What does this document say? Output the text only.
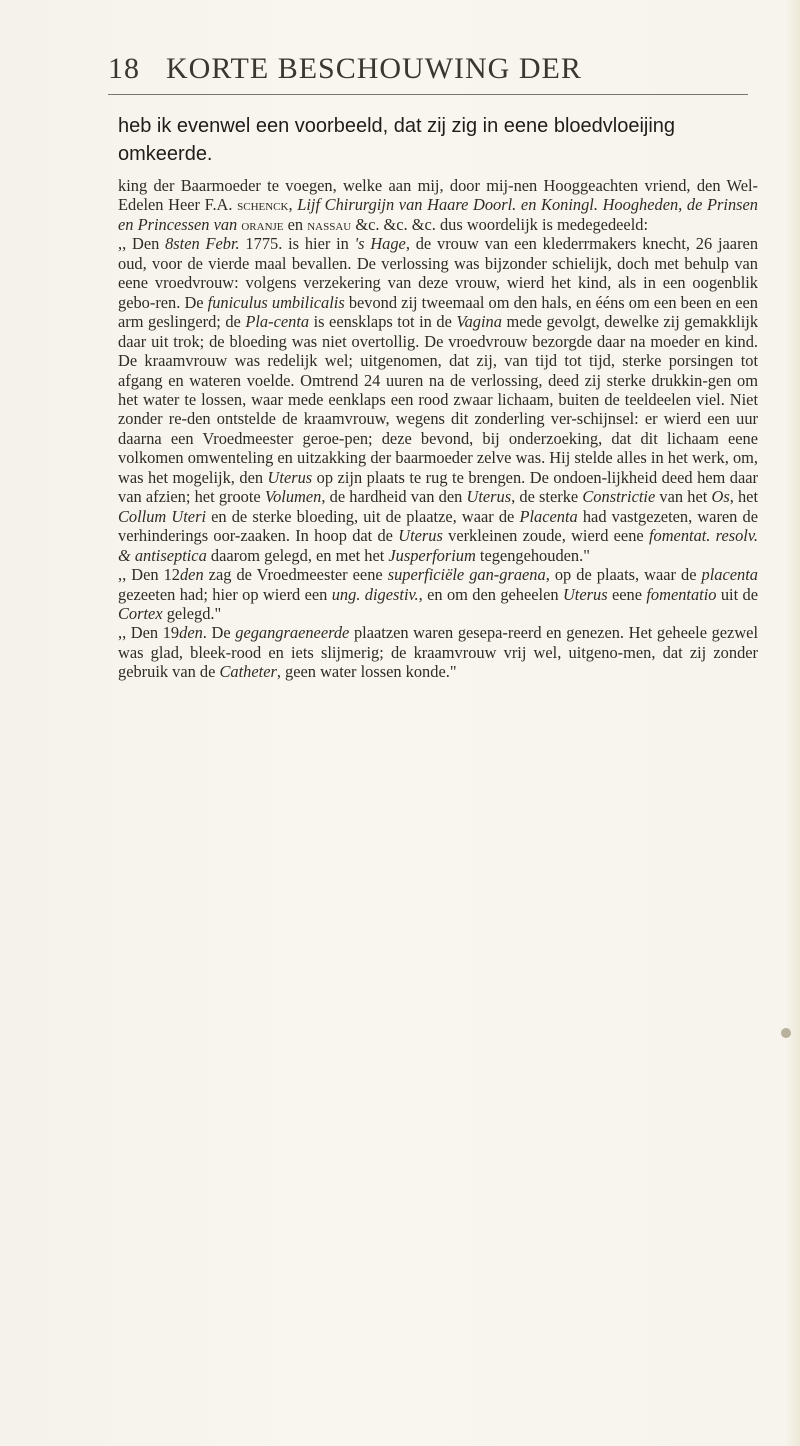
18 KORTE BESCHOUWING DER
heb ik evenwel een voorbeeld, dat zij zig in eene bloedvloeijing omkeerde.

king der Baarmoeder te voegen, welke aan mij, door mij-nen Hooggeachten vriend, den Wel-Edelen Heer F.A. schenck, Lijf Chirurgijn van Haare Doorl. en Koningl. Hoogheden, de Prinsen en Princessen van oranje en nassau &c. &c. &c. dus woordelijk is medegedeeld:

,, Den 8sten Febr. 1775. is hier in 's Hage, de vrouw van een klederrmakers knecht, 26 jaaren oud, voor de vierde maal bevallen. De verlossing was bijzonder schielijk, doch met behulp van eene vroedvrouw: volgens verzekering van deze vrouw, wierd het kind, als in een oogenblik gebo-ren. De funiculus umbilicalis bevond zij tweemaal om den hals, en ééns om een been en een arm geslingerd; de Pla-centa is eensklaps tot in de Vagina mede gevolgt, dewelke zij gemakklijk daar uit trok; de bloeding was niet overtollig. De vroedvrouw bezorgde daar na moeder en kind. De kraamvrouw was redelijk wel; uitgenomen, dat zij, van tijd tot tijd, sterke porsingen tot afgang en wateren voelde. Omtrend 24 uuren na de verlossing, deed zij sterke drukkin-gen om het water te lossen, waar mede eenklaps een rood zwaar lichaam, buiten de teeldeelen viel. Niet zonder re-den ontstelde de kraamvrouw, wegens dit zonderling ver-schijnsel: er wierd een uur daarna een Vroedmeester geroe-pen; deze bevond, bij onderzoeking, dat dit lichaam eene volkomen omwenteling en uitzakking der baarmoeder zelve was. Hij stelde alles in het werk, om, was het mogelijk, den Uterus op zijn plaats te rug te brengen. De ondoen-lijkheid deed hem daar van afzien; het groote Volumen, de hardheid van den Uterus, de sterke Constrictie van het Os, het Collum Uteri en de sterke bloeding, uit de plaatze, waar de Placenta had vastgezeten, waren de verhinderings oor-zaaken. In hoop dat de Uterus verkleinen zoude, wierd eene fomentat. resolv. & antiseptica daarom gelegd, en met het Jusperforium tegengehouden."

,, Den 12den zag de Vroedmeester eene superficiële gan-graena, op de plaats, waar de placenta gezeeten had; hier op wierd een ung. digestiv., en om den geheelen Uterus eene fomentatio uit de Cortex gelegd."

,, Den 19den. De gegangraeneerde plaatzen waren gesepa-reerd en genezen. Het geheele gezwel was glad, bleek-rood en iets slijmerig; de kraamvrouw vrij wel, uitgeno-men, dat zij zonder gebruik van de Catheter, geen water lossen konde."
